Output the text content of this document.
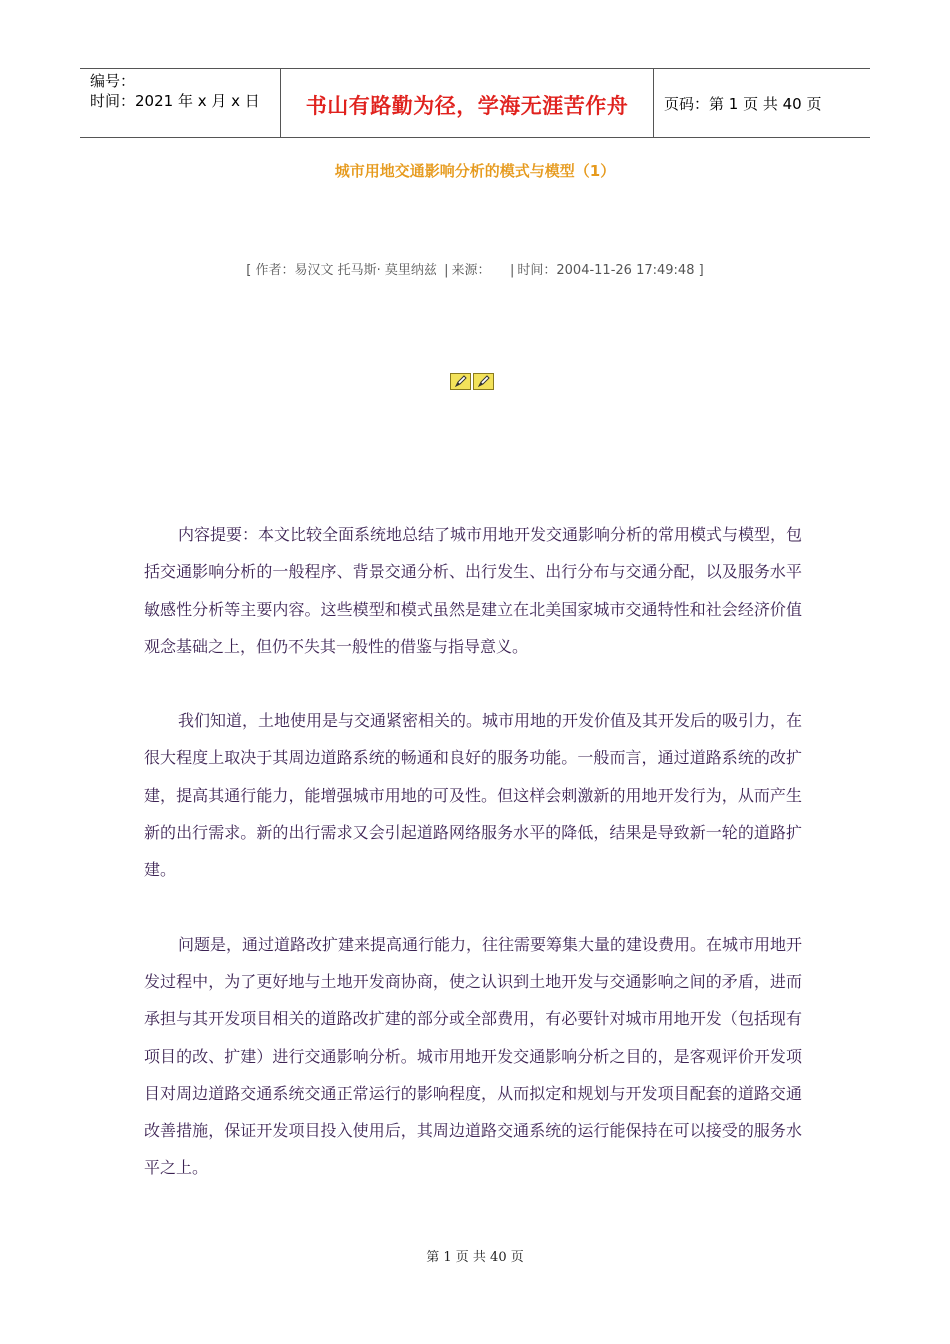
编号：
时间：2021 年 x 月 x 日	书山有路勤为径，学海无涯苦作舟 页码：第 1 页 共 40 页
城市用地交通影响分析的模式与模型（1）
[ 作者：易汉文 托马斯· 莫里纳兹 | 来源： | 时间：2004-11-26 17:49:48 ]

内容提要：本文比较全面系统地总结了城市用地开发交通影响分析的常用模式与模型，包括交通影响分析的一般程序、背景交通分析、出行发生、出行分布与交通分配，以及服务水平敏感性分析等主要内容。这些模型和模式虽然是建立在北美国家城市交通特性和社会经济价值观念基础之上，但仍不失其一般性的借鉴与指导意义。

我们知道，土地使用是与交通紧密相关的。城市用地的开发价值及其开发后的吸引力，在很大程度上取决于其周边道路系统的畅通和良好的服务功能。一般而言，通过道路系统的改扩建，提高其通行能力，能增强城市用地的可及性。但这样会刺激新的用地开发行为，从而产生新的出行需求。新的出行需求又会引起道路网络服务水平的降低，结果是导致新一轮的道路扩建。

问题是，通过道路改扩建来提高通行能力，往往需要筹集大量的建设费用。在城市用地开发过程中，为了更好地与土地开发商协商，使之认识到土地开发与交通影响之间的矛盾，进而承担与其开发项目相关的道路改扩建的部分或全部费用，有必要针对城市用地开发（包括现有项目的改、扩建）进行交通影响分析。城市用地开发交通影响分析之目的，是客观评价开发项目对周边道路交通系统交通正常运行的影响程度，从而拟定和规划与开发项目配套的道路交通改善措施，保证开发项目投入使用后，其周边道路交通系统的运行能保持在可以接受的服务水平之上。

第 1 页 共 40 页
